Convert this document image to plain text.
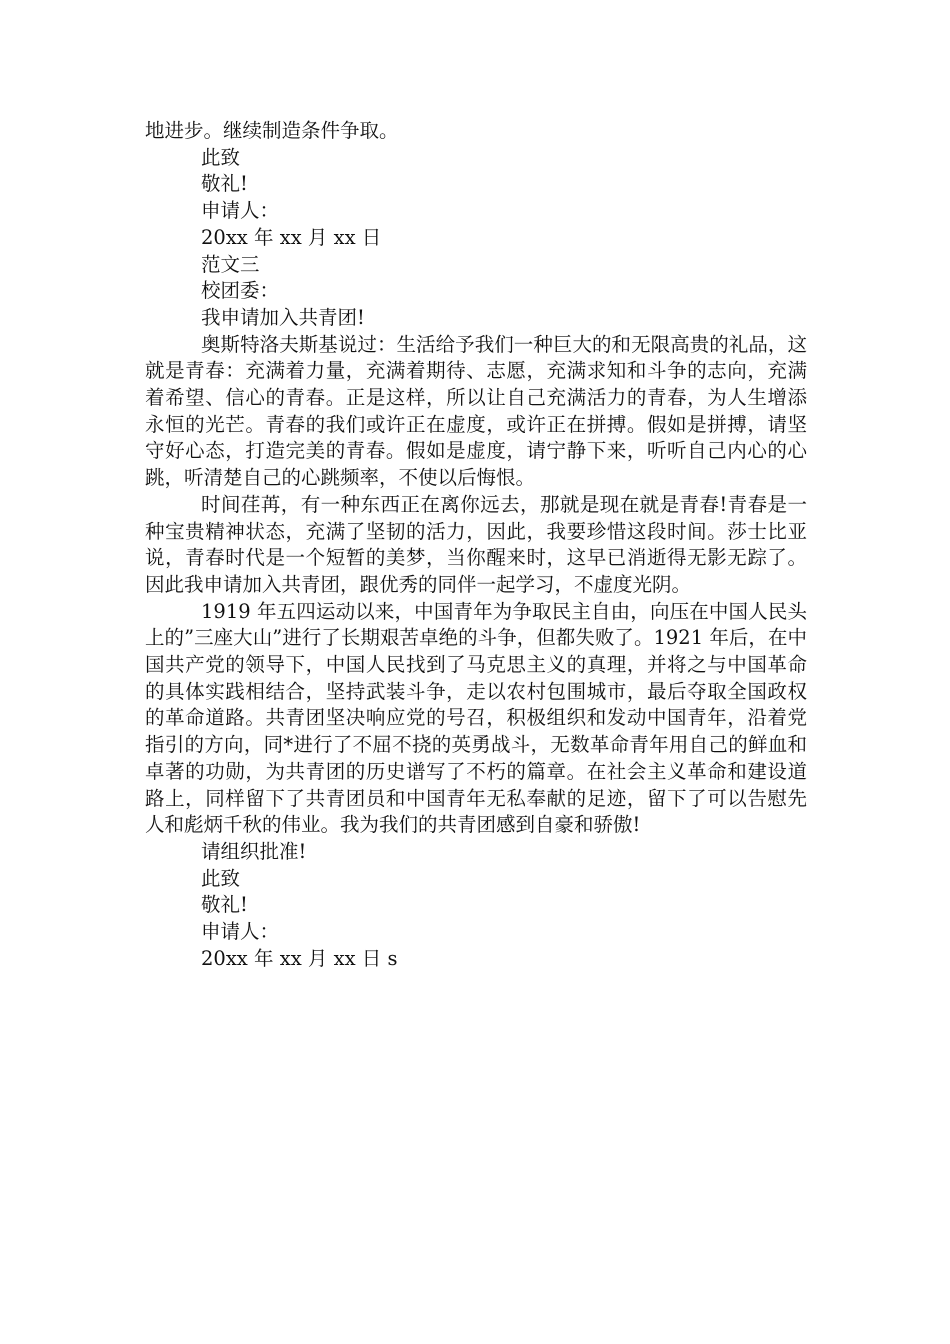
地进步。继续制造条件争取。

此致

敬礼!

申请人：

20xx 年 xx 月 xx 日

范文三

校团委：

我申请加入共青团!

奥斯特洛夫斯基说过：生活给予我们一种巨大的和无限高贵的礼品，这就是青春：充满着力量，充满着期待、志愿，充满求知和斗争的志向，充满着希望、信心的青春。正是这样，所以让自己充满活力的青春，为人生增添永恒的光芒。青春的我们或许正在虚度，或许正在拼搏。假如是拼搏，请坚守好心态，打造完美的青春。假如是虚度，请宁静下来，听听自己内心的心跳，听清楚自己的心跳频率，不使以后悔恨。

时间荏苒，有一种东西正在离你远去，那就是现在就是青春!青春是一种宝贵精神状态，充满了坚韧的活力，因此，我要珍惜这段时间。莎士比亚说，青春时代是一个短暂的美梦，当你醒来时，这早已消逝得无影无踪了。因此我申请加入共青团，跟优秀的同伴一起学习，不虚度光阴。

1919 年五四运动以来，中国青年为争取民主自由，向压在中国人民头上的”三座大山”进行了长期艰苦卓绝的斗争，但都失败了。1921 年后，在中国共产党的领导下，中国人民找到了马克思主义的真理，并将之与中国革命的具体实践相结合，坚持武装斗争，走以农村包围城市，最后夺取全国政权的革命道路。共青团坚决响应党的号召，积极组织和发动中国青年，沿着党指引的方向，同*进行了不屈不挠的英勇战斗，无数革命青年用自己的鲜血和卓著的功勋，为共青团的历史谱写了不朽的篇章。在社会主义革命和建设道路上，同样留下了共青团员和中国青年无私奉献的足迹，留下了可以告慰先人和彪炳千秋的伟业。我为我们的共青团感到自豪和骄傲!

请组织批准!

此致

敬礼!

申请人：

20xx 年 xx 月 xx 日 s
